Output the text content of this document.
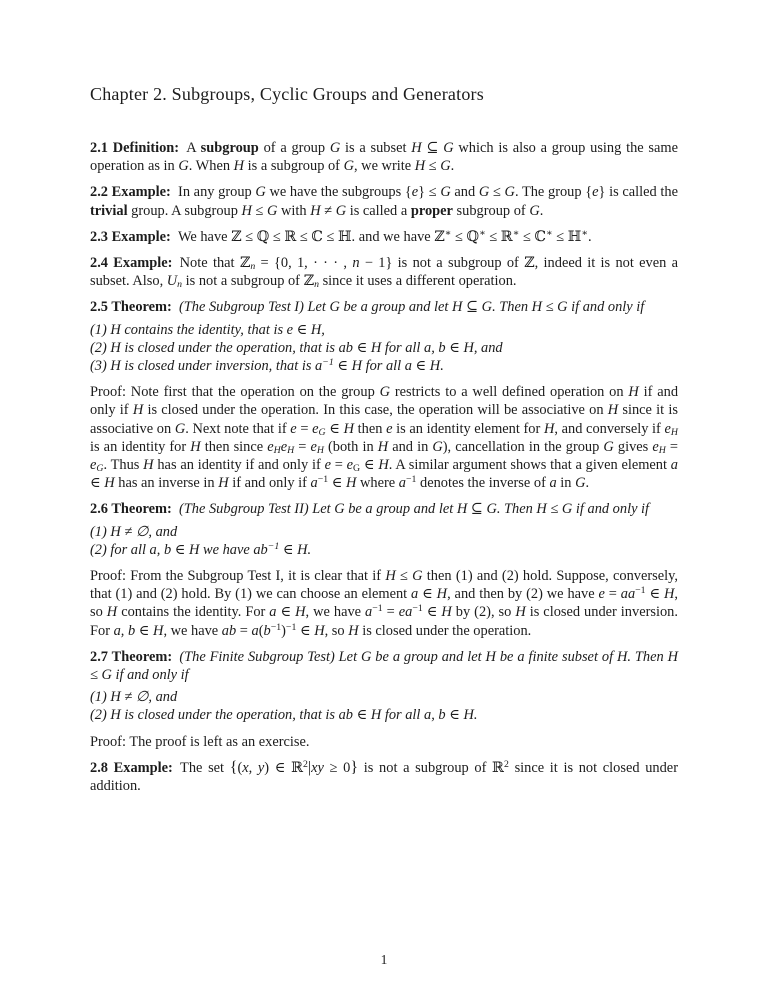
Chapter 2. Subgroups, Cyclic Groups and Generators

2.1 Definition: A subgroup of a group G is a subset H ⊆ G which is also a group using the same operation as in G. When H is a subgroup of G, we write H ≤ G.

2.2 Example: In any group G we have the subgroups {e} ≤ G and G ≤ G. The group {e} is called the trivial group. A subgroup H ≤ G with H ≠ G is called a proper subgroup of G.

2.3 Example: We have ℤ ≤ ℚ ≤ ℝ ≤ ℂ ≤ ℍ. and we have ℤ∗ ≤ ℚ∗ ≤ ℝ∗ ≤ ℂ∗ ≤ ℍ∗.

2.4 Example: Note that ℤn = {0, 1, · · · , n − 1} is not a subgroup of ℤ, indeed it is not even a subset. Also, Un is not a subgroup of ℤn since it uses a different operation.

2.5 Theorem:  (The Subgroup Test I) Let G be a group and let H ⊆ G. Then H ≤ G if and only if

(1) H contains the identity, that is e ∈ H,

(2) H is closed under the operation, that is ab ∈ H for all a, b ∈ H, and

(3) H is closed under inversion, that is $a^{-1}$ ∈ H for all a ∈ H.

Proof: Note first that the operation on the group G restricts to a well defined operation on H if and only if H is closed under the operation. In this case, the operation will be associative on H since it is associative on G. Next note that if e = eG ∈ H then e is an identity element for H, and conversely if eH is an identity for H then since eHeH = eH (both in H and in G), cancellation in the group G gives eH = eG. Thus H has an identity if and only if e = eG ∈ H. A similar argument shows that a given element a ∈ H has an inverse in H if and only if $a^{-1}$ ∈ H where $a^{-1}$ denotes the inverse of a in G.

2.6 Theorem:  (The Subgroup Test II) Let G be a group and let H ⊆ G. Then H ≤ G if and only if

(1) H ≠ ∅, and

(2) for all a, b ∈ H we have $ab^{-1}$ ∈ H.

Proof: From the Subgroup Test I, it is clear that if H ≤ G then (1) and (2) hold. Suppose, conversely, that (1) and (2) hold. By (1) we can choose an element a ∈ H, and then by (2) we have $e = aa^{-1}$ ∈ H, so H contains the identity. For a ∈ H, we have $a^{-1} = ea^{-1}$ ∈ H by (2), so H is closed under inversion. For a, b ∈ H, we have ab = $a(b^{-1})^{-1}$ ∈ H, so H is closed under the operation.

2.7 Theorem:  (The Finite Subgroup Test) Let G be a group and let H be a finite subset of H. Then H ≤ G if and only if

(1) H ≠ ∅, and

(2) H is closed under the operation, that is ab ∈ H for all a, b ∈ H.

Proof: The proof is left as an exercise.

2.8 Example: The set {(x, y) ∈ ℝ$^2$|xy ≥ 0} is not a subgroup of ℝ$^2$ since it is not closed under addition.

1
